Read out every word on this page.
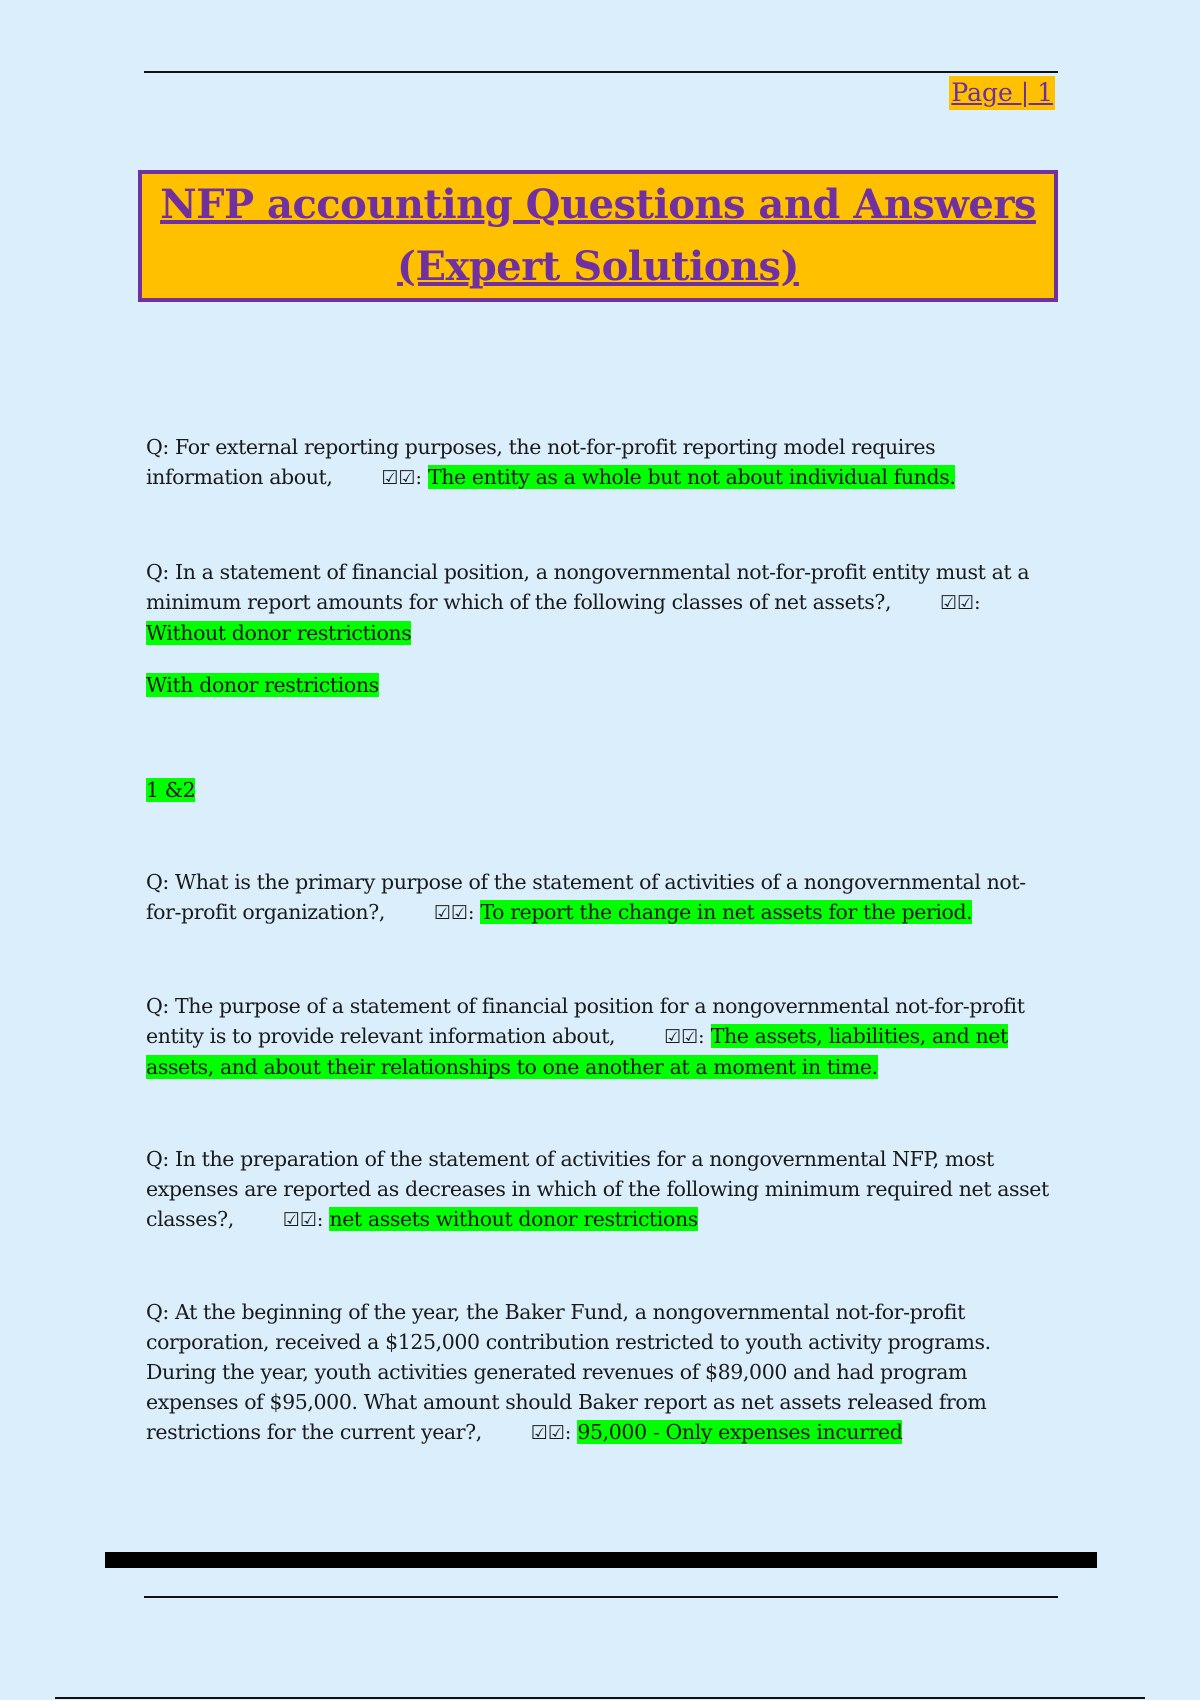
Page | 1
NFP accounting Questions and Answers
(Expert Solutions)
Q: For external reporting purposes, the not-for-profit reporting model requires information about,	☑☑: The entity as a whole but not about individual funds.
Q: In a statement of financial position, a nongovernmental not-for-profit entity must at a minimum report amounts for which of the following classes of net assets?,	☑☑: Without donor restrictions
With donor restrictions
1 &2
Q: What is the primary purpose of the statement of activities of a nongovernmental not-for-profit organization?,	☑☑: To report the change in net assets for the period.
Q: The purpose of a statement of financial position for a nongovernmental not-for-profit entity is to provide relevant information about,	☑☑: The assets, liabilities, and net assets, and about their relationships to one another at a moment in time.
Q: In the preparation of the statement of activities for a nongovernmental NFP, most expenses are reported as decreases in which of the following minimum required net asset classes?,	☑☑: net assets without donor restrictions
Q: At the beginning of the year, the Baker Fund, a nongovernmental not-for-profit corporation, received a $125,000 contribution restricted to youth activity programs. During the year, youth activities generated revenues of $89,000 and had program expenses of $95,000. What amount should Baker report as net assets released from restrictions for the current year?,	☑☑: 95,000 - Only expenses incurred
